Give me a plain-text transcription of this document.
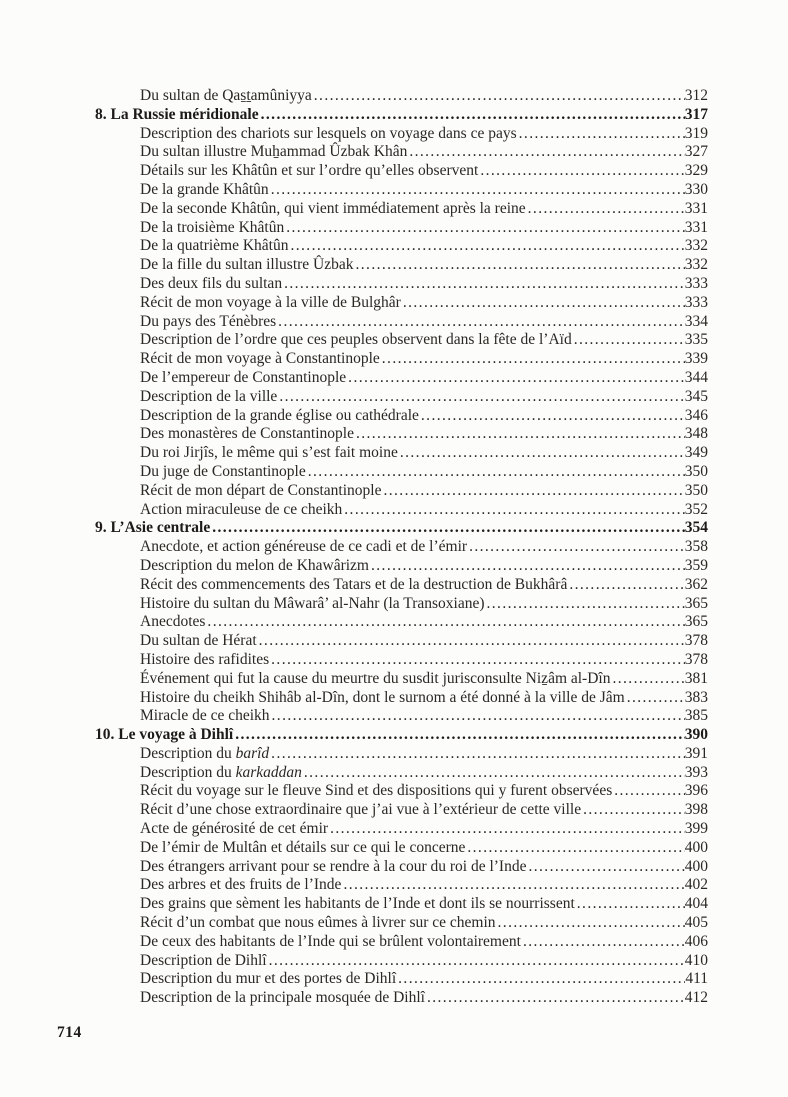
Du sultan de Qas̱ṯamûniyya .....	312
8. La Russie méridionale .....	317
Description des chariots sur lesquels on voyage dans ce pays .....	319
Du sultan illustre Muẖammad Ûzbak Khân .....	327
Détails sur les Khâtûn et sur l’ordre qu’elles observent .....	329
De la grande Khâtûn .....	330
De la seconde Khâtûn, qui vient immédiatement après la reine .....	331
De la troisième Khâtûn .....	331
De la quatrième Khâtûn .....	332
De la fille du sultan illustre Ûzbak .....	332
Des deux fils du sultan .....	333
Récit de mon voyage à la ville de Bulghâr .....	333
Du pays des Ténèbres .....	334
Description de l’ordre que ces peuples observent dans la fête de l’Aïd .....	335
Récit de mon voyage à Constantinople .....	339
De l’empereur de Constantinople .....	344
Description de la ville .....	345
Description de la grande église ou cathédrale .....	346
Des monastères de Constantinople .....	348
Du roi Jirjîs, le même qui s’est fait moine .....	349
Du juge de Constantinople .....	350
Récit de mon départ de Constantinople .....	350
Action miraculeuse de ce cheikh .....	352
9. L’Asie centrale .....	354
Anecdote, et action généreuse de ce cadi et de l’émir .....	358
Description du melon de Khawârizm .....	359
Récit des commencements des Tatars et de la destruction de Bukhârâ .....	362
Histoire du sultan du Mâwarâ’ al-Nahr (la Transoxiane) .....	365
Anecdotes .....	365
Du sultan de Hérat .....	378
Histoire des rafidites .....	378
Événement qui fut la cause du meurtre du susdit jurisconsulte Niẕâm al-Dîn .....	381
Histoire du cheikh Shihâb al-Dîn, dont le surnom a été donné à la ville de Jâm .....	383
Miracle de ce cheikh .....	385
10. Le voyage à Dihlî .....	390
Description du barîd .....	391
Description du karkaddan .....	393
Récit du voyage sur le fleuve Sind et des dispositions qui y furent observées .....	396
Récit d’une chose extraordinaire que j’ai vue à l’extérieur de cette ville .....	398
Acte de générosité de cet émir .....	399
De l’émir de Multân et détails sur ce qui le concerne .....	400
Des étrangers arrivant pour se rendre à la cour du roi de l’Inde .....	400
Des arbres et des fruits de l’Inde .....	402
Des grains que sèment les habitants de l’Inde et dont ils se nourrissent .....	404
Récit d’un combat que nous eûmes à livrer sur ce chemin .....	405
De ceux des habitants de l’Inde qui se brûlent volontairement .....	406
Description de Dihlî .....	410
Description du mur et des portes de Dihlî .....	411
Description de la principale mosquée de Dihlî .....	412
714
